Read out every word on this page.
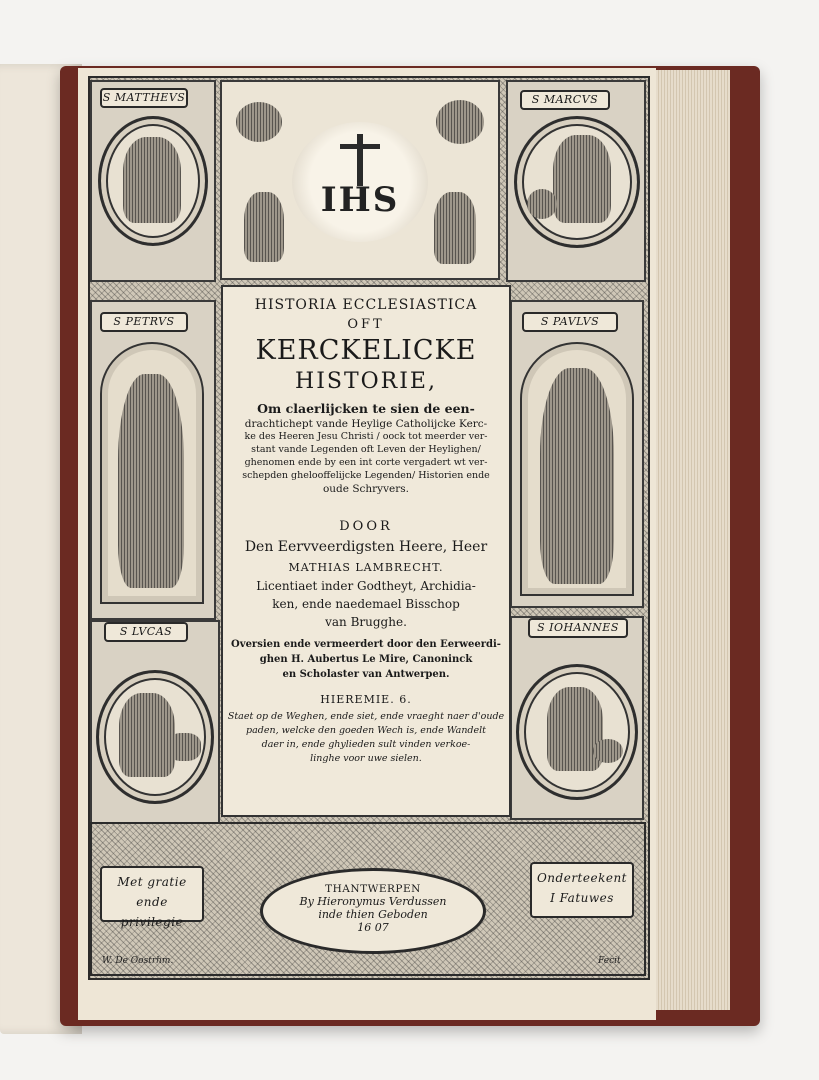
IHS
S MATTHEVS	S MARCVS
S PETRVS	S PAVLVS
S LVCAS	S IOHANNES
HISTORIA ECCLESIASTICA
OFT
KERCKELICKE
HISTORIE,
Om claerlijcken te sien de een-
drachtichept vande Heylige Catholijcke Kerc-
ke des Heeren Jesu Christi / oock tot meerder ver-
stant vande Legenden oft Leven der Heylighen/
ghenomen ende by een int corte vergadert wt ver-
schepden ghelooffelijcke Legenden/ Historien ende
oude Schryvers.
DOOR
Den Eervveerdigsten Heere, Heer
MATHIAS LAMBRECHT.
Licentiaet inder Godtheyt, Archidia-
ken, ende naedemael Bisschop
van Brugghe.
Oversien ende vermeerdert door den Eerweerdi-
ghen H. Aubertus Le Mire, Canoninck
en Scholaster van Antwerpen.
HIEREMIE. 6.
Staet op de Weghen, ende siet, ende vraeght naer d'oude
paden, welcke den goeden Wech is, ende Wandelt
daer in, ende ghylieden sult vinden verkoe-
linghe voor uwe sielen.
Met gratie ende
privilegie
Onderteekent
I Fatuwes
THANTWERPEN
By Hieronymus Verdussen
inde thien Geboden
16 07
W. De Oostrhm.	Fecit
